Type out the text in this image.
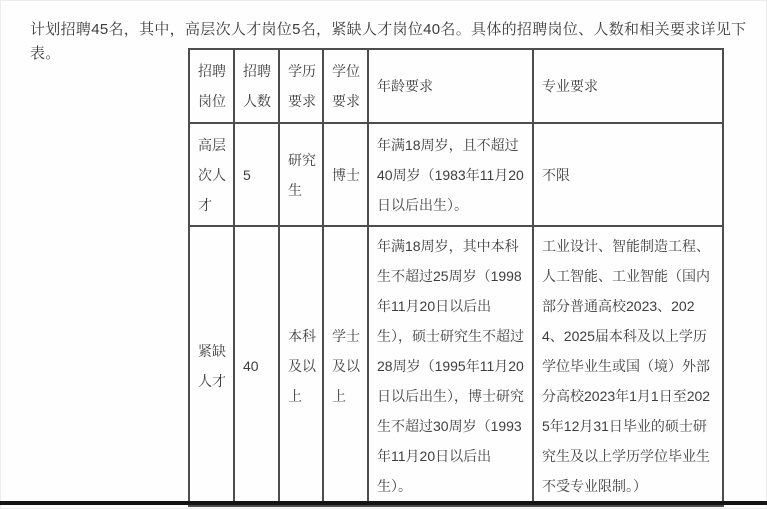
计划招聘45名，其中，高层次人才岗位5名，紧缺人才岗位40名。具体的招聘岗位、人数和相关要求详见下表。

招聘岗位	招聘人数	学历要求	学位要求	年龄要求	专业要求
高层次人才	5	研究生	博士	年满18周岁，且不超过40周岁（1983年11月20日以后出生）。	不限
紧缺人才	40	本科及以上	学士及以上	年满18周岁，其中本科生不超过25周岁（1998年11月20日以后出生），硕士研究生不超过28周岁（1995年11月20日以后出生），博士研究生不超过30周岁（1993年11月20日以后出生）。	工业设计、智能制造工程、人工智能、工业智能（国内部分普通高校2023、2024、2025届本科及以上学历学位毕业生或国（境）外部分高校2023年1月1日至2025年12月31日毕业的硕士研究生及以上学历学位毕业生不受专业限制。）
